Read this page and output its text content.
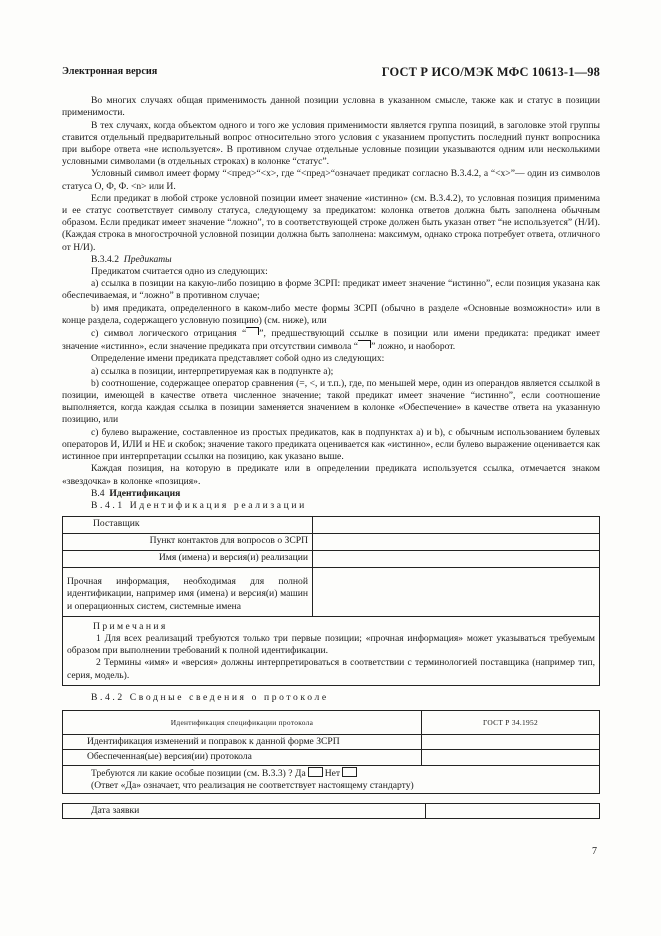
Электронная версия	ГОСТ Р ИСО/МЭК МФС 10613-1—98

Во многих случаях общая применимость данной позиции условна в указанном смысле, также как и статус в позиции применимости.

В тех случаях, когда объектом одного и того же условия применимости является группа позиций, в заголовке этой группы ставится отдельный предварительный вопрос относительно этого условия с указанием пропустить последний пункт вопросника при выборе ответа «не используется». В противном случае отдельные условные позиции указываются одним или несколькими условными символами (в отдельных строках) в колонке “статус”.

Условный символ имеет форму “<пред>“<x>, где “<пред>“означает предикат согласно В.3.4.2, а “<x>”— один из символов статуса О, Ф, Ф. <n> или И.

Если предикат в любой строке условной позиции имеет значение «истинно» (см. В.3.4.2), то условная позиция применима и ее статус соответствует символу статуса, следующему за предикатом: колонка ответов должна быть заполнена обычным образом. Если предикат имеет значение “ложно”, то в соответствующей строке должен быть указан ответ “не используется” (Н/И). (Каждая строка в многострочной условной позиции должна быть заполнена: максимум, однако строка потребует ответа, отличного от Н/И).

В.3.4.2 Предикаты

Предикатом считается одно из следующих:

а) ссылка в позиции на какую-либо позицию в форме ЗСРП: предикат имеет значение “истинно”, если позиция указана как обеспечиваемая, и “ложно” в противном случае;

b) имя предиката, определенного в каком-либо месте формы ЗСРП (обычно в разделе «Основные возможности» или в конце раздела, содержащего условную позицию) (см. ниже), или

с) символ логического отрицания “ ”, предшествующий ссылке в позиции или имени предиката: предикат имеет значение «истинно», если значение предиката при отсутствии символа “ ” ложно, и наоборот.

Определение имени предиката представляет собой одно из следующих:

а) ссылка в позиции, интерпретируемая как в подпункте а);

b) соотношение, содержащее оператор сравнения (=, <, и т.п.), где, по меньшей мере, один из операндов является ссылкой в позиции, имеющей в качестве ответа численное значение; такой предикат имеет значение “истинно”, если соотношение выполняется, когда каждая ссылка в позиции заменяется значением в колонке «Обеспечение» в качестве ответа на указанную позицию, или

с) булево выражение, составленное из простых предикатов, как в подпунктах а) и b), с обычным использованием булевых операторов И, ИЛИ и НЕ и скобок; значение такого предиката оценивается как «истинно», если булево выражение оценивается как истинное при интерпретации ссылки на позицию, как указано выше.

Каждая позиция, на которую в предикате или в определении предиката используется ссылка, отмечается знаком «звездочка» в колонке «позиция».

В.4 Идентификация

В.4.1 Идентификация реализации

Поставщик	
Пункт контактов для вопросов о ЗСРП	
Имя (имена) и версия(и) реализации	
Прочная информация, необходимая для полной идентификации, например имя (имена) и версия(и) машин и операционных систем, системные имена	

Примечания

1 Для всех реализаций требуются только три первые позиции; «прочная информация» может указываться требуемым образом при выполнении требований к полной идентификации.

2 Термины «имя» и «версия» должны интерпретироваться в соответствии с терминологией поставщика (например тип, серия, модель).	

В.4.2 Сводные сведения о протоколе

Идентификация спецификации протокола	ГОСТ Р 34.1952
Идентификация изменений и поправок к данной форме ЗСРП	
Обеспеченная(ые) версия(ии) протокола	

Требуются ли какие особые позиции (см. В.3.3) ? Да Нет
(Ответ «Да» означает, что реализация не соответствует настоящему стандарту)	
Дата заявки	
7
